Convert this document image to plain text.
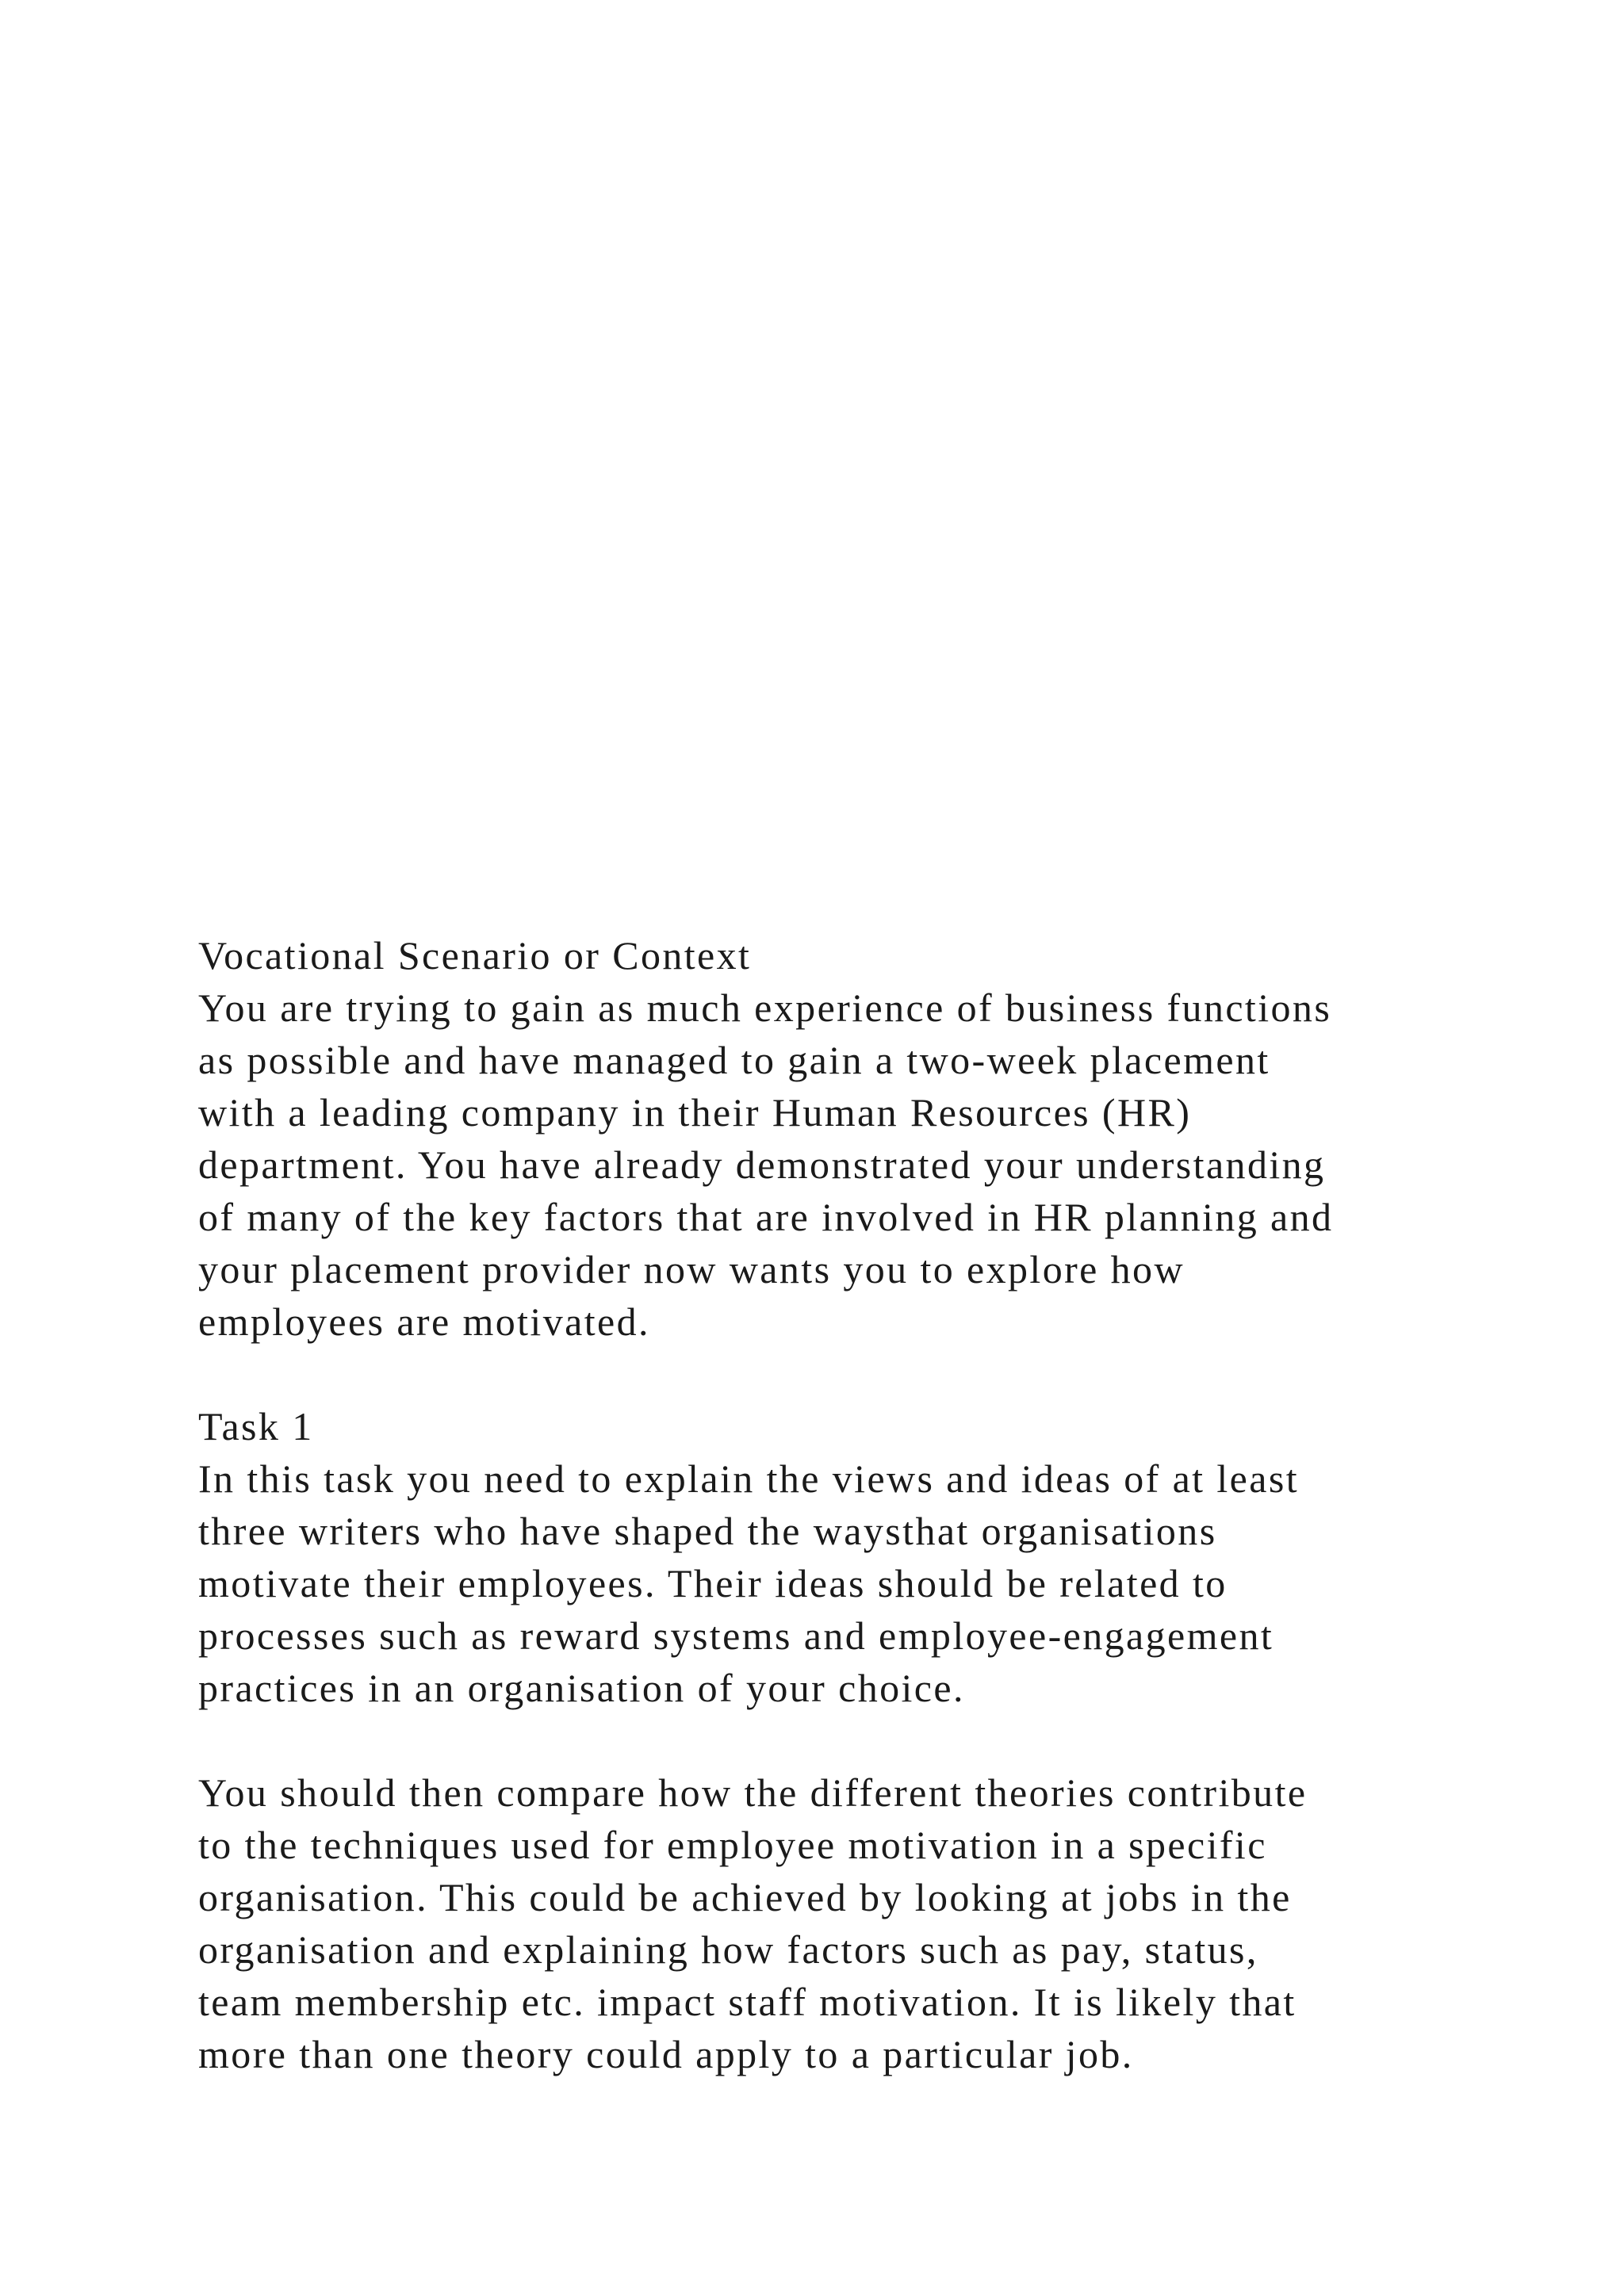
Vocational Scenario or Context
You are trying to gain as much experience of business functions
as possible and have managed to gain a two-week placement
with a leading company in their Human Resources (HR)
department. You have already demonstrated your understanding
of many of the key factors that are involved in HR planning and
your placement provider now wants you to explore how
employees are motivated.
Task 1
In this task you need to explain the views and ideas of at least
three writers who have shaped the waysthat organisations
motivate their employees. Their ideas should be related to
processes such as reward systems and employee-engagement
practices in an organisation of your choice.
You should then compare how the different theories contribute
to the techniques used for employee motivation in a specific
organisation. This could be achieved by looking at jobs in the
organisation and explaining how factors such as pay, status,
team membership etc. impact staff motivation. It is likely that
more than one theory could apply to a particular job.
